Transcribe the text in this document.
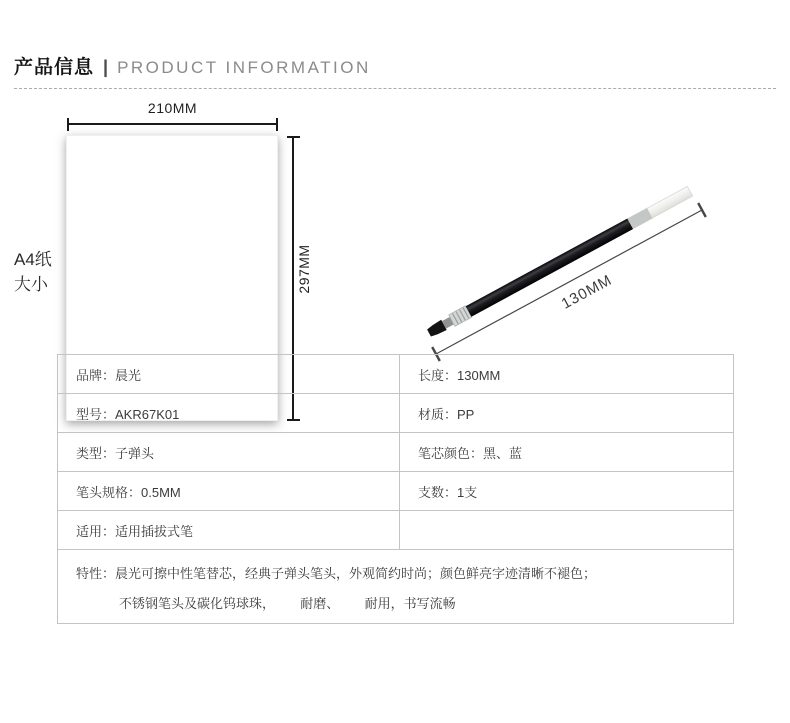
产品信息 | PRODUCT INFORMATION
A4纸
大小
210MM
297MM	130MM
品牌：晨光	长度：130MM
型号：AKR67K01	材质：PP
类型：子弹头	笔芯颜色：黑、蓝
笔头规格：0.5MM	支数：1支
适用：适用插拔式笔
特性：晨光可擦中性笔替芯，经典子弹头笔头，外观简约时尚；颜色鲜亮字迹清晰不褪色；
不锈钢笔头及碳化钨球珠，       耐磨、       耐用，书写流畅
